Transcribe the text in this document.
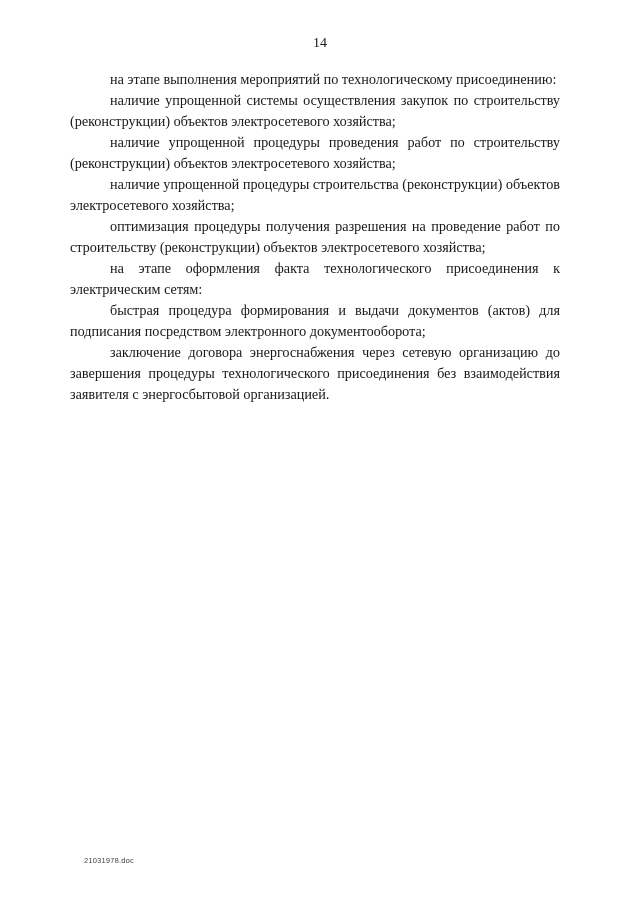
14

на этапе выполнения мероприятий по технологическому присоединению:

наличие упрощенной системы осуществления закупок по строительству (реконструкции) объектов электросетевого хозяйства;

наличие упрощенной процедуры проведения работ по строительству (реконструкции) объектов электросетевого хозяйства;

наличие упрощенной процедуры строительства (реконструкции) объектов электросетевого хозяйства;

оптимизация процедуры получения разрешения на проведение работ по строительству (реконструкции) объектов электросетевого хозяйства;

на этапе оформления факта технологического присоединения к электрическим сетям:

быстрая процедура формирования и выдачи документов (актов) для подписания посредством электронного документооборота;

заключение договора энергоснабжения через сетевую организацию до завершения процедуры технологического присоединения без взаимодействия заявителя с энергосбытовой организацией.

21031978.doc
